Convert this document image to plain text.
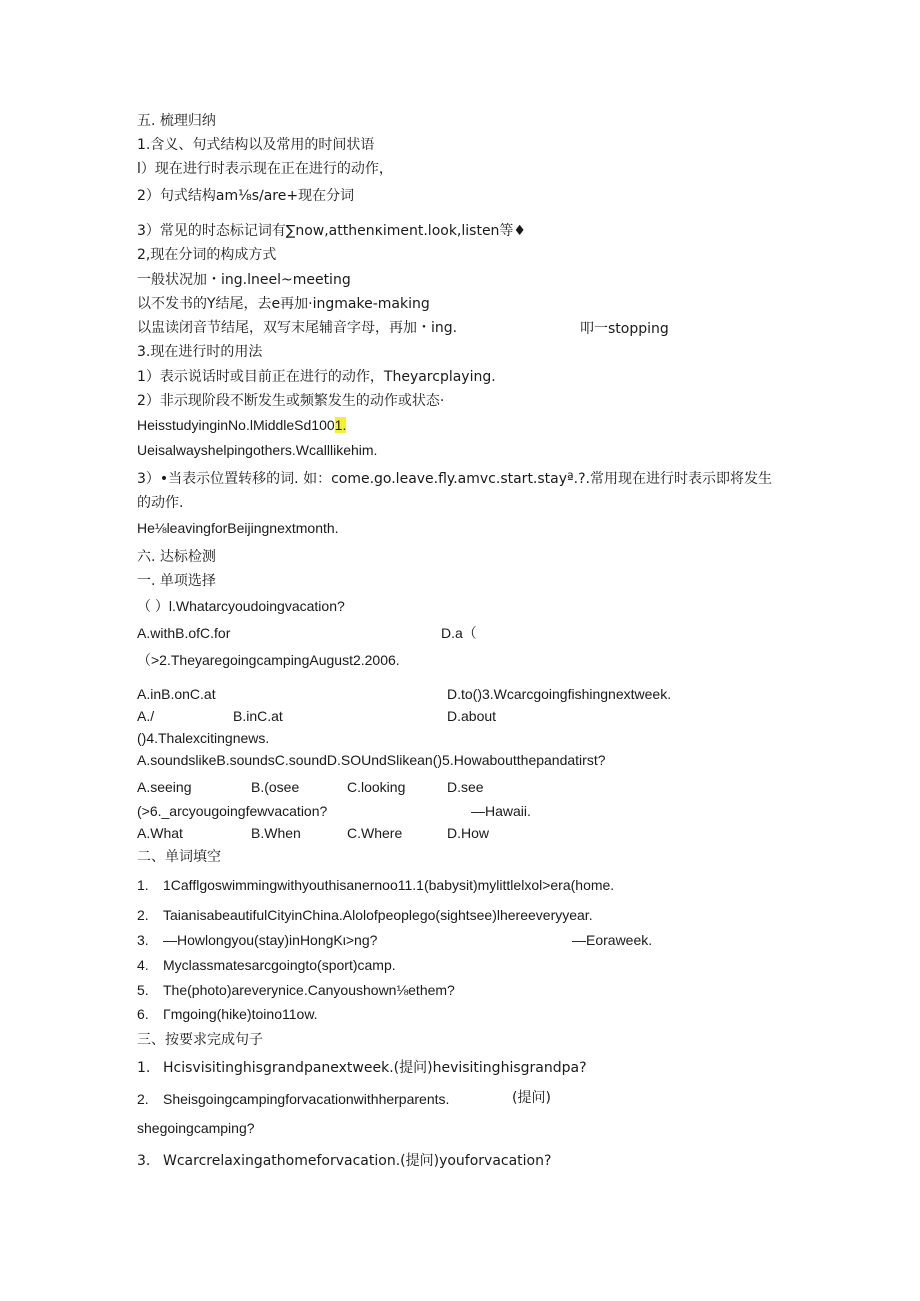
五. 梳理归纳
1.含义、句式结构以及常用的时间状语
l）现在进行时表示现在正在进行的动作，
2）句式结构am⅛s∕are+现在分词
3）常见的时态标记词有∑now,atthenκiment.look,listen等♦
2,现在分词的构成方式
一般状况加・ing.lneel~meeting
以不发书的Y结尾，去e再加·ingmake-making
以盅读闭音节结尾，双写末尾辅音字母，再加・ing.	叩一stopping
3.现在进行时的用法
1）表示说话时或目前正在进行的动作，Theyarcplaying.
2）非示现阶段不断发生或频繁发生的动作或状态·
HeisstudyinginNo.lMiddleSd1001.
Ueisalwayshelpingothers.Wcalllikehim.
3）•当表示位置转移的词. 如：come.go.leave.fly.amvc.start.stayª.?.常用现在进行时表示即将发生
的动作.
He⅛leavingforBeijingnextmonth.
六. 达标检测
一. 单项选择
（ ）l.Whatarcyoudoingvacation?
A.withB.ofC.for	D.a（
（>2.TheyaregoingcampingAugust2.2006.
A.inB.onC.at	D.to()3.Wcarcgoingfishingnextweek.
A./	B.inC.at	D.about
()4.Thalexcitingnews.
A.soundslikeB.soundsC.soundD.SOUndSlikean()5.Howaboutthepandatirst?
A.seeing	B.(osee	C.looking	D.see
(>6._arcyougoingfewvacation?	—Hawaii.
A.What	B.When	C.Where	D.How
二、单词填空
1. 1Cafflgoswimmingwithyouthisanernoo11.1(babysit)mylittlelxol>era(home.
2. TaianisabeautifulCityinChina.Alolofpeoplego(sightsee)lhereeveryyear.
3. —Howlongyou(stay)inHongKι>ng?	—Eoraweek.
4. Myclassmatesarcgoingto(sport)camp.
5. The(photo)areverynice.Canyoushown⅛ethem?
6. Γmgoing(hike)toino11ow.
三、按要求完成句子
1. Hcisvisitinghisgrandpanextweek.(提问)hevisitinghisgrandpa?
2. Sheisgoingcampingforvacationwithherparents.	(提问)
shegoingcamping?
3. Wcarcrelaxingathomeforvacation.(提问)youforvacation?
